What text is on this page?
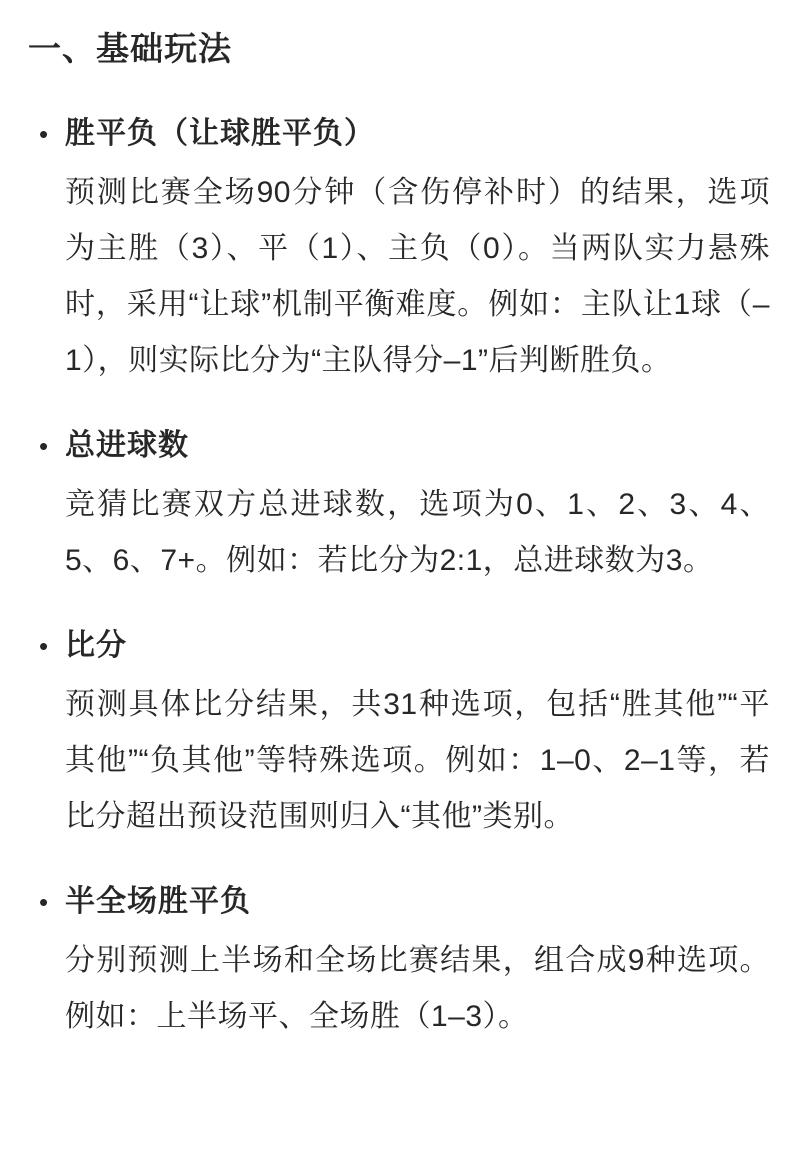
一、基础玩法
• 胜平负（让球胜平负）

预测比赛全场90分钟（含伤停补时）的结果，选项为主胜（3）、平（1）、主负（0）。当两队实力悬殊时，采用“让球”机制平衡难度。例如：主队让1球（–1），则实际比分为“主队得分–1”后判断胜负。

• 总进球数

竞猜比赛双方总进球数，选项为0、1、2、3、4、5、6、7+。例如：若比分为2:1，总进球数为3。

• 比分

预测具体比分结果，共31种选项，包括“胜其他”“平其他”“负其他”等特殊选项。例如：1–0、2–1等，若比分超出预设范围则归入“其他”类别。

• 半全场胜平负

分别预测上半场和全场比赛结果，组合成9种选项。例如：上半场平、全场胜（1–3）。
